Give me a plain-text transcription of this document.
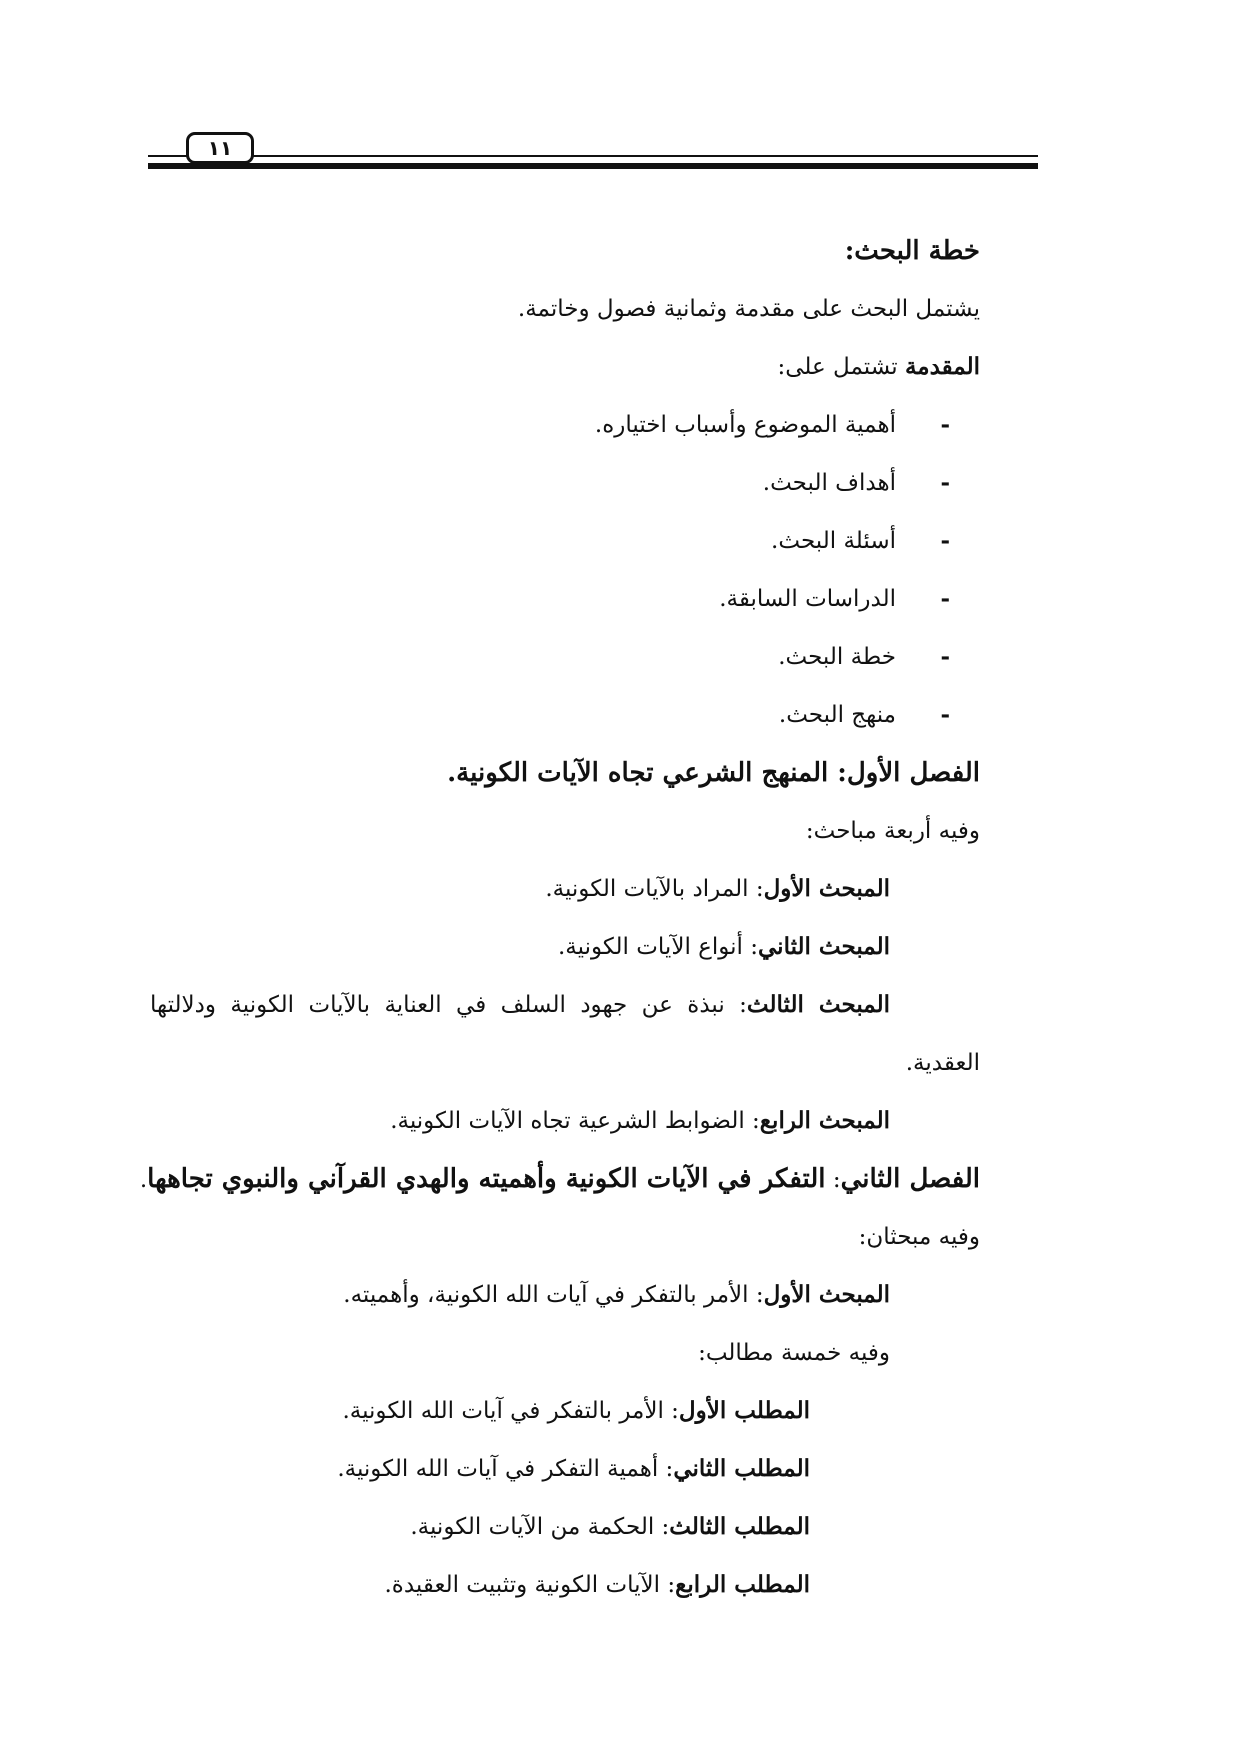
١١
خطة البحث:
يشتمل البحث على مقدمة وثمانية فصول وخاتمة.
المقدمة تشتمل على:
-أهمية الموضوع وأسباب اختياره.
-أهداف البحث.
-أسئلة البحث.
-الدراسات السابقة.
-خطة البحث.
-منهج البحث.
الفصل الأول: المنهج الشرعي تجاه الآيات الكونية.
وفيه أربعة مباحث:
المبحث الأول: المراد بالآيات الكونية.
المبحث الثاني: أنواع الآيات الكونية.
المبحث الثالث: نبذة عن جهود السلف في العناية بالآيات الكونية ودلالتها
العقدية.
المبحث الرابع: الضوابط الشرعية تجاه الآيات الكونية.
الفصل الثاني: التفكر في الآيات الكونية وأهميته والهدي القرآني والنبوي تجاهها.
وفيه مبحثان:
المبحث الأول: الأمر بالتفكر في آيات الله الكونية، وأهميته.
وفيه خمسة مطالب:
المطلب الأول: الأمر بالتفكر في آيات الله الكونية.
المطلب الثاني: أهمية التفكر في آيات الله الكونية.
المطلب الثالث: الحكمة من الآيات الكونية.
المطلب الرابع: الآيات الكونية وتثبيت العقيدة.
